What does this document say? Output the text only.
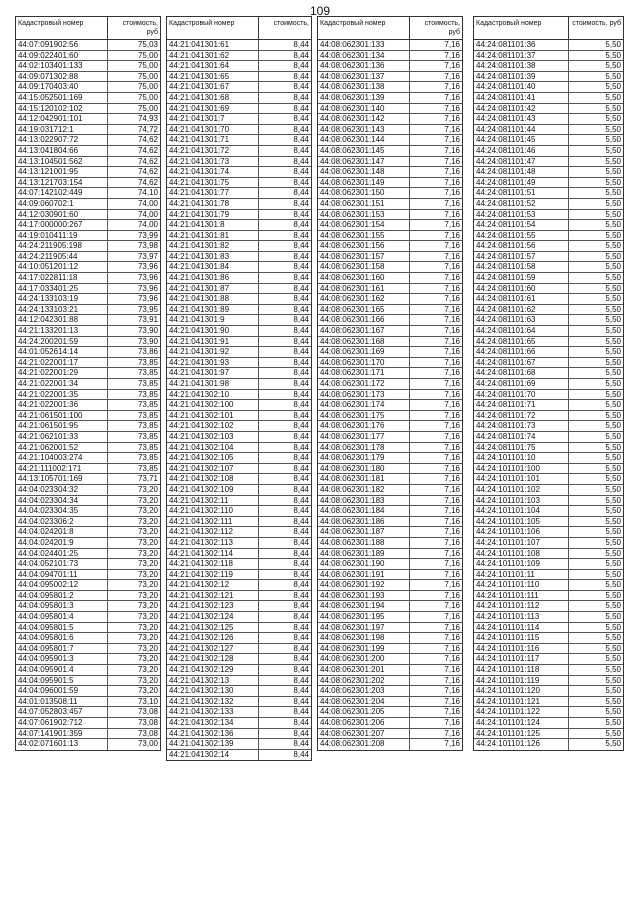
109
Кадастровый номер	стоимость, руб
44:07:091902:56	75,03
44:09:022401:60	75,00
44:02:103401:133	75,00
44:09:071302:88	75,00
44:09:170403:40	75,00
44:15:052501:169	75,00
44:15:120102:102	75,00
44:12:042901:101	74,93
44:19:031712:1	74,72
44:13:022907:72	74,62
44:13:041804:66	74,62
44:13:104501:562	74,62
44:13:121001:95	74,62
44:13:121703:154	74,62
44:07:142102:449	74,10
44:09:060702:1	74,00
44:12:030901:60	74,00
44:17:000000:267	74,00
44:19:010411:19	73,99
44:24:211905:198	73,98
44:24:211905:44	73,97
44:10:051201:12	73,96
44:17:022811:18	73,96
44:17:033401:25	73,96
44:24:133103:19	73,96
44:24:133103:21	73,95
44:12:042301:88	73,91
44:21:133201:13	73,90
44:24:200201:59	73,90
44:01:052614:14	73,86
44:21:022001:17	73,85
44:21:022001:29	73,85
44:21:022001:34	73,85
44:21:022001:35	73,85
44:21:022001:36	73,85
44:21:061501:100	73,85
44:21:061501:95	73,85
44:21:062101:33	73,85
44:21:062001:52	73,85
44:21:104003:274	73,85
44:21:111002:171	73,85
44:13:105701:169	73,71
44:04:023304:32	73,20
44:04:023304:34	73,20
44:04:023304:35	73,20
44:04:023306:2	73,20
44:04:024201:8	73,20
44:04:024201:9	73,20
44:04:024401:25	73,20
44:04:052101:73	73,20
44:04:094701:11	73,20
44:04:095002:12	73,20
44:04:095801:2	73,20
44:04:095801:3	73,20
44:04:095801:4	73,20
44:04:095801:5	73,20
44:04:095801:6	73,20
44:04:095801:7	73,20
44:04:095901:3	73,20
44:04:095901:4	73,20
44:04:095901:5	73,20
44:04:096001:59	73,20
44:01:013508:11	73,10
44:07:052803:457	73,08
44:07:061902:712	73,08
44:07:141901:359	73,08
44:02:071601:13	73,00
Кадастровый номер	стоимость,
44:21:041301:61	8,44
44:21:041301:62	8,44
44:21:041301:64	8,44
44:21:041301:65	8,44
44:21:041301:67	8,44
44:21:041301:68	8,44
44:21:041301:69	8,44
44:21:041301:7	8,44
44:21:041301:70	8,44
44:21:041301:71	8,44
44:21:041301:72	8,44
44:21:041301:73	8,44
44:21:041301:74	8,44
44:21:041301:75	8,44
44:21:041301:77	8,44
44:21:041301:78	8,44
44:21:041301:79	8,44
44:21:041301:8	8,44
44:21:041301:81	8,44
44:21:041301:82	8,44
44:21:041301:83	8,44
44:21:041301:84	8,44
44:21:041301:86	8,44
44:21:041301:87	8,44
44:21:041301:88	8,44
44:21:041301:89	8,44
44:21:041301:9	8,44
44:21:041301:90	8,44
44:21:041301:91	8,44
44:21:041301:92	8,44
44:21:041301:93	8,44
44:21:041301:97	8,44
44:21:041301:98	8,44
44:21:041302:10	8,44
44:21:041302:100	8,44
44:21:041302:101	8,44
44:21:041302:102	8,44
44:21:041302:103	8,44
44:21:041302:104	8,44
44:21:041302:105	8,44
44:21:041302:107	8,44
44:21:041302:108	8,44
44:21:041302:109	8,44
44:21:041302:11	8,44
44:21:041302:110	8,44
44:21:041302:111	8,44
44:21:041302:112	8,44
44:21:041302:113	8,44
44:21:041302:114	8,44
44:21:041302:118	8,44
44:21:041302:119	8,44
44:21:041302:12	8,44
44:21:041302:121	8,44
44:21:041302:123	8,44
44:21:041302:124	8,44
44:21:041302:125	8,44
44:21:041302:126	8,44
44:21:041302:127	8,44
44:21:041302:128	8,44
44:21:041302:129	8,44
44:21:041302:13	8,44
44:21:041302:130	8,44
44:21:041302:132	8,44
44:21:041302:133	8,44
44:21:041302:134	8,44
44:21:041302:136	8,44
44:21:041302:139	8,44
44:21:041302:14	8,44
Кадастровый номер	стоимость, руб
44:08:062301:133	7,16
44:08:062301:134	7,16
44:08:062301:136	7,16
44:08:062301:137	7,16
44:08:062301:138	7,16
44:08:062301:139	7,16
44:08:062301:140	7,16
44:08:062301:142	7,16
44:08:062301:143	7,16
44:08:062301:144	7,16
44:08:062301:145	7,16
44:08:062301:147	7,16
44:08:062301:148	7,16
44:08:062301:149	7,16
44:08:062301:150	7,16
44:08:062301:151	7,16
44:08:062301:153	7,16
44:08:062301:154	7,16
44:08:062301:155	7,16
44:08:062301:156	7,16
44:08:062301:157	7,16
44:08:062301:158	7,16
44:08:062301:160	7,16
44:08:062301:161	7,16
44:08:062301:162	7,16
44:08:062301:165	7,16
44:08:062301:166	7,16
44:08:062301:167	7,16
44:08:062301:168	7,16
44:08:062301:169	7,16
44:08:062301:170	7,16
44:08:062301:171	7,16
44:08:062301:172	7,16
44:08:062301:173	7,16
44:08:062301:174	7,16
44:08:062301:175	7,16
44:08:062301:176	7,16
44:08:062301:177	7,16
44:08:062301:178	7,16
44:08:062301:179	7,16
44:08:062301:180	7,16
44:08:062301:181	7,16
44:08:062301:182	7,16
44:08:062301:183	7,16
44:08:062301:184	7,16
44:08:062301:186	7,16
44:08:062301:187	7,16
44:08:062301:188	7,16
44:08:062301:189	7,16
44:08:062301:190	7,16
44:08:062301:191	7,16
44:08:062301:192	7,16
44:08:062301:193	7,16
44:08:062301:194	7,16
44:08:062301:195	7,16
44:08:062301:197	7,16
44:08:062301:198	7,16
44:08:062301:199	7,16
44:08:062301:200	7,16
44:08:062301:201	7,16
44:08:062301:202	7,16
44:08:062301:203	7,16
44:08:062301:204	7,16
44:08:062301:205	7,16
44:08:062301:206	7,16
44:08:062301:207	7,16
44:08:062301:208	7,16
Кадастровый номер	стоимость, руб
44:24:081101:36	5,50
44:24:081101:37	5,50
44:24:081101:38	5,50
44:24:081101:39	5,50
44:24:081101:40	5,50
44:24:081101:41	5,50
44:24:081101:42	5,50
44:24:081101:43	5,50
44:24:081101:44	5,50
44:24:081101:45	5,50
44:24:081101:46	5,50
44:24:081101:47	5,50
44:24:081101:48	5,50
44:24:081101:49	5,50
44:24:081101:51	5,50
44:24:081101:52	5,50
44:24:081101:53	5,50
44:24:081101:54	5,50
44:24:081101:55	5,50
44:24:081101:56	5,50
44:24:081101:57	5,50
44:24:081101:58	5,50
44:24:081101:59	5,50
44:24:081101:60	5,50
44:24:081101:61	5,50
44:24:081101:62	5,50
44:24:081101:63	5,50
44:24:081101:64	5,50
44:24:081101:65	5,50
44:24:081101:66	5,50
44:24:081101:67	5,50
44:24:081101:68	5,50
44:24:081101:69	5,50
44:24:081101:70	5,50
44:24:081101:71	5,50
44:24:081101:72	5,50
44:24:081101:73	5,50
44:24:081101:74	5,50
44:24:081101:75	5,50
44:24:101101:10	5,50
44:24:101101:100	5,50
44:24:101101:101	5,50
44:24:101101:102	5,50
44:24:101101:103	5,50
44:24:101101:104	5,50
44:24:101101:105	5,50
44:24:101101:106	5,50
44:24:101101:107	5,50
44:24:101101:108	5,50
44:24:101101:109	5,50
44:24:101101:11	5,50
44:24:101101:110	5,50
44:24:101101:111	5,50
44:24:101101:112	5,50
44:24:101101:113	5,50
44:24:101101:114	5,50
44:24:101101:115	5,50
44:24:101101:116	5,50
44:24:101101:117	5,50
44:24:101101:118	5,50
44:24:101101:119	5,50
44:24:101101:120	5,50
44:24:101101:121	5,50
44:24:101101:122	5,50
44:24:101101:124	5,50
44:24:101101:125	5,50
44:24:101101:126	5,50
